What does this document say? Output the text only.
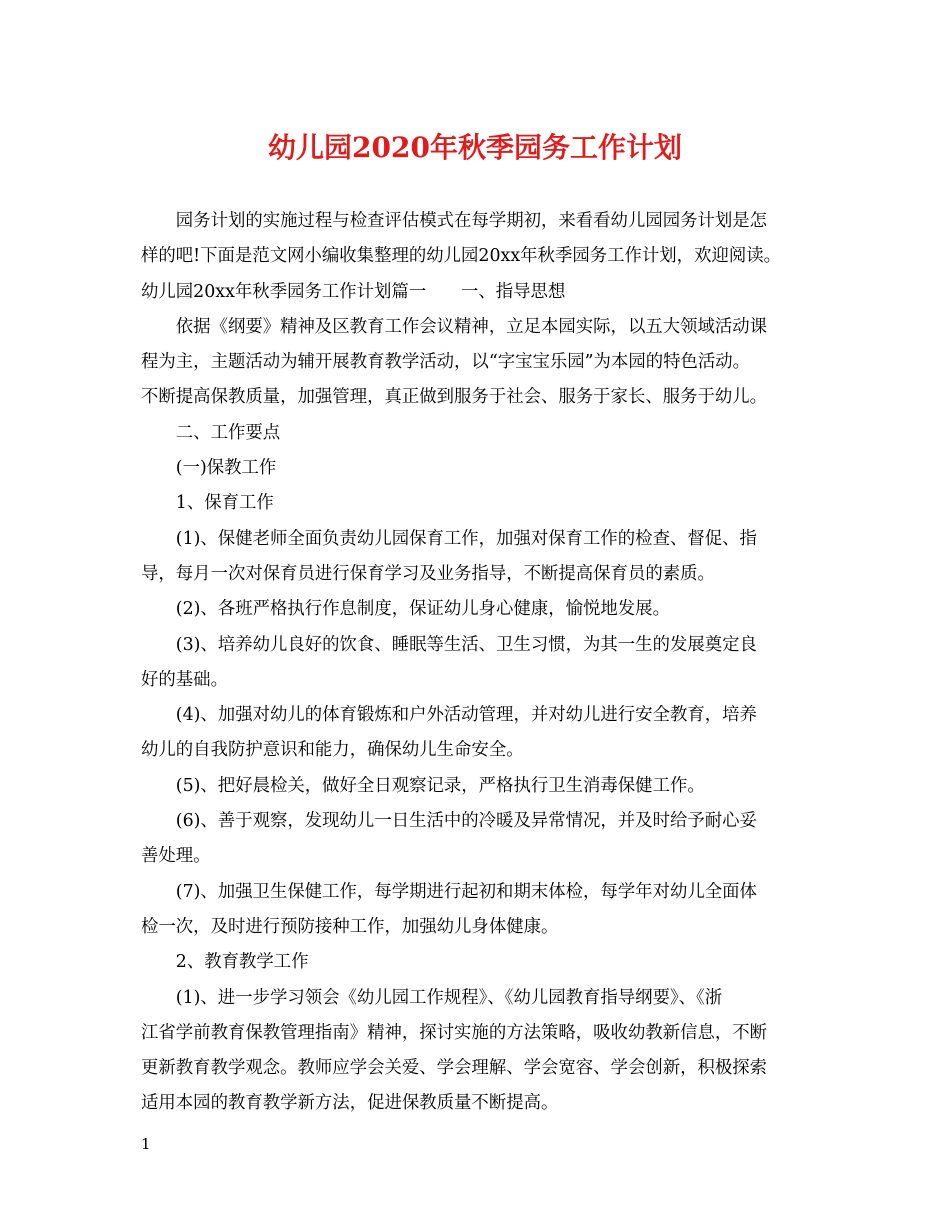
幼儿园2020年秋季园务工作计划
　　园务计划的实施过程与检查评估模式在每学期初，来看看幼儿园园务计划是怎
样的吧!下面是范文网小编收集整理的幼儿园20xx年秋季园务工作计划，欢迎阅读。
幼儿园20xx年秋季园务工作计划篇一　　一、指导思想
　　依据《纲要》精神及区教育工作会议精神，立足本园实际，以五大领域活动课
程为主，主题活动为辅开展教育教学活动，以“字宝宝乐园”为本园的特色活动。
不断提高保教质量，加强管理，真正做到服务于社会、服务于家长、服务于幼儿。
　　二、工作要点
　　(一)保教工作
　　1、保育工作
　　(1)、保健老师全面负责幼儿园保育工作，加强对保育工作的检查、督促、指
导，每月一次对保育员进行保育学习及业务指导，不断提高保育员的素质。
　　(2)、各班严格执行作息制度，保证幼儿身心健康，愉悦地发展。
　　(3)、培养幼儿良好的饮食、睡眠等生活、卫生习惯，为其一生的发展奠定良
好的基础。
　　(4)、加强对幼儿的体育锻炼和户外活动管理，并对幼儿进行安全教育，培养
幼儿的自我防护意识和能力，确保幼儿生命安全。
　　(5)、把好晨检关，做好全日观察记录，严格执行卫生消毒保健工作。
　　(6)、善于观察，发现幼儿一日生活中的冷暖及异常情况，并及时给予耐心妥
善处理。
　　(7)、加强卫生保健工作，每学期进行起初和期末体检，每学年对幼儿全面体
检一次，及时进行预防接种工作，加强幼儿身体健康。
　　2、教育教学工作
　　(1)、进一步学习领会《幼儿园工作规程》、《幼儿园教育指导纲要》、《浙
江省学前教育保教管理指南》精神，探讨实施的方法策略，吸收幼教新信息，不断
更新教育教学观念。教师应学会关爱、学会理解、学会宽容、学会创新，积极探索
适用本园的教育教学新方法，促进保教质量不断提高。
1
